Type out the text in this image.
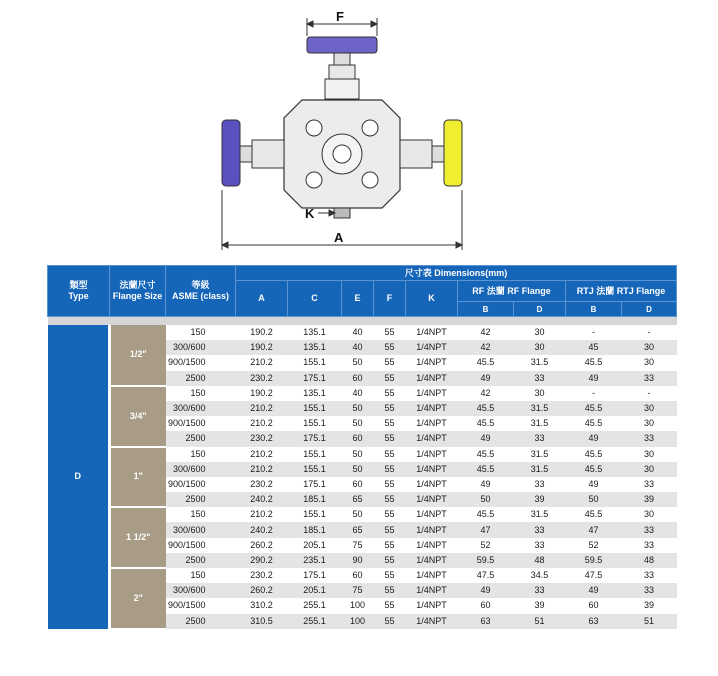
F
K
A
類型
Type	法蘭尺寸
Flange Size	等級
ASME (class)	尺寸表 Dimensions(mm)								
			A	C	E	F	K	RF 法蘭 RF Flange		RTJ 法蘭 RTJ Flange	
								B	D	B	D

D	1/2"	150	190.2	135.1	40	55	1/4NPT	42	30	-	-
		300/600	190.2	135.1	40	55	1/4NPT	42	30	45	30
		900/1500	210.2	155.1	50	55	1/4NPT	45.5	31.5	45.5	30
		2500	230.2	175.1	60	55	1/4NPT	49	33	49	33
	3/4"	150	190.2	135.1	40	55	1/4NPT	42	30	-	-
		300/600	210.2	155.1	50	55	1/4NPT	45.5	31.5	45.5	30
		900/1500	210.2	155.1	50	55	1/4NPT	45.5	31.5	45.5	30
		2500	230.2	175.1	60	55	1/4NPT	49	33	49	33
	1"	150	210.2	155.1	50	55	1/4NPT	45.5	31.5	45.5	30
		300/600	210.2	155.1	50	55	1/4NPT	45.5	31.5	45.5	30
		900/1500	230.2	175.1	60	55	1/4NPT	49	33	49	33
		2500	240.2	185.1	65	55	1/4NPT	50	39	50	39
	1 1/2"	150	210.2	155.1	50	55	1/4NPT	45.5	31.5	45.5	30
		300/600	240.2	185.1	65	55	1/4NPT	47	33	47	33
		900/1500	260.2	205.1	75	55	1/4NPT	52	33	52	33
		2500	290.2	235.1	90	55	1/4NPT	59.5	48	59.5	48
	2"	150	230.2	175.1	60	55	1/4NPT	47.5	34.5	47.5	33
		300/600	260.2	205.1	75	55	1/4NPT	49	33	49	33
		900/1500	310.2	255.1	100	55	1/4NPT	60	39	60	39
		2500	310.5	255.1	100	55	1/4NPT	63	51	63	51
